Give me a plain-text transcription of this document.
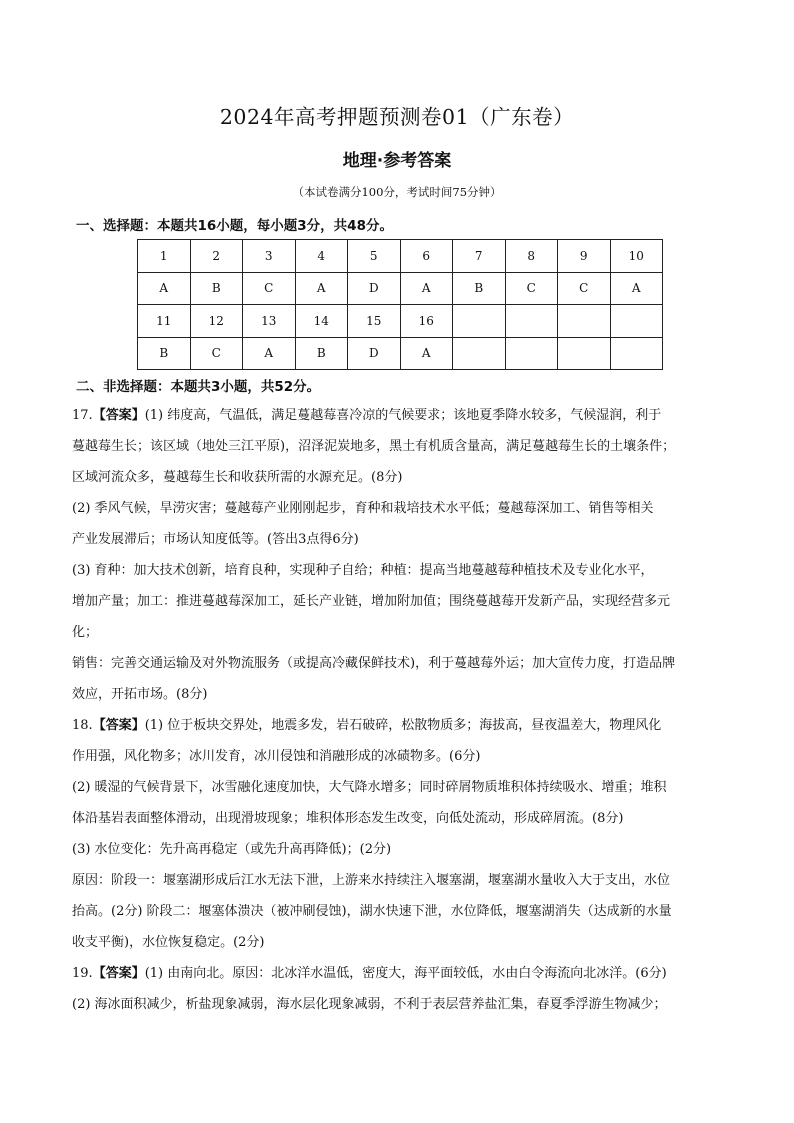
2024年高考押题预测卷01（广东卷）
地理·参考答案
（本试卷满分100分，考试时间75分钟）
一、选择题：本题共16小题，每小题3分，共48分。
1	2	3	4	5	6	7	8	9	10
A	B	C	A	D	A	B	C	C	A
11	12	13	14	15	16				
B	C	A	B	D	A				
二、非选择题：本题共3小题，共52分。

17.【答案】(1) 纬度高，气温低，满足蔓越莓喜冷凉的气候要求；该地夏季降水较多，气候湿润，利于

蔓越莓生长；该区域（地处三江平原)，沼泽泥炭地多，黑土有机质含量高，满足蔓越莓生长的土壤条件；

区域河流众多，蔓越莓生长和收获所需的水源充足。(8分)

(2) 季风气候，旱涝灾害；蔓越莓产业刚刚起步，育种和栽培技术水平低；蔓越莓深加工、销售等相关

产业发展滞后；市场认知度低等。(答出3点得6分)

(3) 育种：加大技术创新，培育良种，实现种子自给；种植：提高当地蔓越莓种植技术及专业化水平，

增加产量；加工：推进蔓越莓深加工，延长产业链，增加附加值；围绕蔓越莓开发新产品，实现经营多元

化；

销售：完善交通运输及对外物流服务（或提高冷藏保鲜技术)，利于蔓越莓外运；加大宣传力度，打造品牌

效应，开拓市场。(8分)

18.【答案】(1) 位于板块交界处，地震多发，岩石破碎，松散物质多；海拔高，昼夜温差大，物理风化

作用强，风化物多；冰川发育，冰川侵蚀和消融形成的冰碛物多。(6分)

(2) 暖湿的气候背景下，冰雪融化速度加快，大气降水增多；同时碎屑物质堆积体持续吸水、增重；堆积

体沿基岩表面整体滑动，出现滑坡现象；堆积体形态发生改变，向低处流动，形成碎屑流。(8分)

(3) 水位变化：先升高再稳定（或先升高再降低)；(2分)

原因：阶段一：堰塞湖形成后江水无法下泄，上游来水持续注入堰塞湖，堰塞湖水量收入大于支出，水位

抬高。(2分) 阶段二：堰塞体溃决（被冲刷侵蚀)，湖水快速下泄，水位降低，堰塞湖消失（达成新的水量

收支平衡)，水位恢复稳定。(2分)

19.【答案】(1) 由南向北。原因：北冰洋水温低，密度大，海平面较低，水由白令海流向北冰洋。(6分)

(2) 海冰面积减少，析盐现象减弱，海水层化现象减弱，不利于表层营养盐汇集，春夏季浮游生物减少；
